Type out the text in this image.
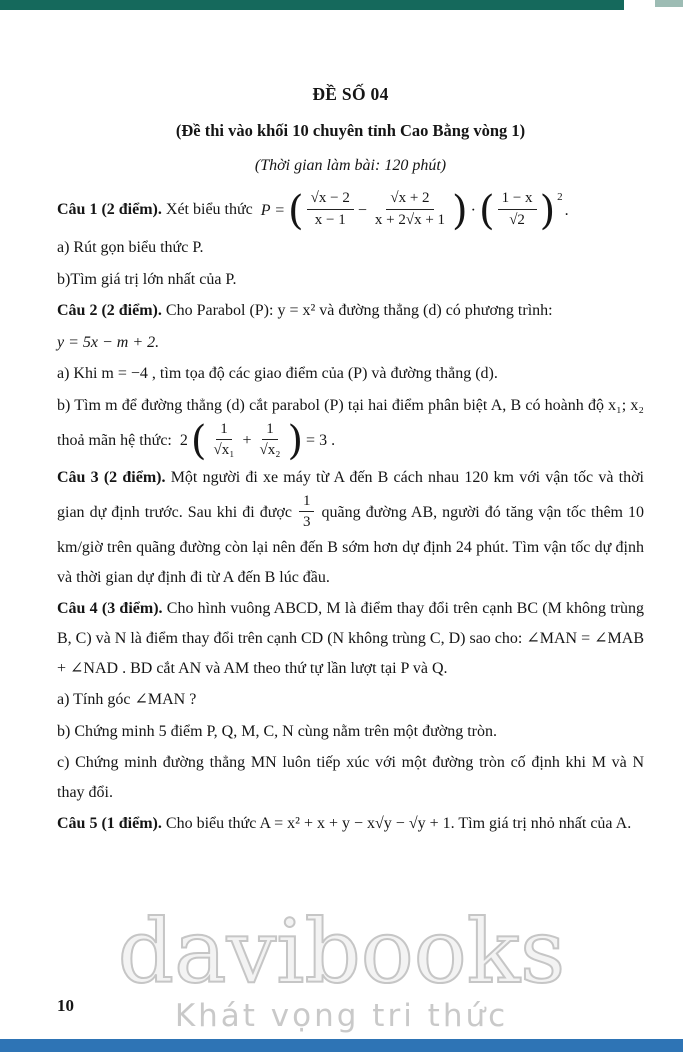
ĐỀ SỐ 04
(Đề thi vào khối 10 chuyên tỉnh Cao Bằng vòng 1)
(Thời gian làm bài: 120 phút)

Câu 1 (2 điểm). Xét biểu thức P = ( $\frac{√x - 2}{x - 1} - \frac{√x + 2}{x + 2√x + 1}$ ) · ( $\frac{1 - x}{√2}$ ) 2
.

a) Rút gọn biểu thức P.

b)Tìm giá trị lớn nhất của P.

Câu 2 (2 điểm). Cho Parabol (P): y = x² và đường thẳng (d) có phương trình:

y = 5x − m + 2.

a) Khi m = −4 , tìm tọa độ các giao điểm của (P) và đường thẳng (d).

b) Tìm m để đường thẳng (d) cắt parabol (P) tại hai điểm phân biệt A, B có hoành độ x₁; x₂ thoả mãn hệ thức: 2 ( $\frac{1}{\text{√x₁}} + \frac{1}{\text{√x₂}}$ ) = 3 .

Câu 3 (2 điểm). Một người đi xe máy từ A đến B cách nhau 120 km với vận tốc và thời gian dự định trước. Sau khi đi được $\frac{1}{3}$ quãng đường AB, người đó tăng vận tốc thêm 10 km/giờ trên quãng đường còn lại nên đến B sớm hơn dự định 24 phút. Tìm vận tốc dự định và thời gian dự định đi từ A đến B lúc đầu.

Câu 4 (3 điểm). Cho hình vuông ABCD, M là điểm thay đổi trên cạnh BC (M không trùng B, C) và N là điểm thay đổi trên cạnh CD (N không trùng C, D) sao cho: ∠MAN = ∠MAB + ∠NAD . BD cắt AN và AM theo thứ tự lần lượt tại P và Q.

a) Tính góc ∠MAN ?

b) Chứng minh 5 điểm P, Q, M, C, N cùng nằm trên một đường tròn.

c) Chứng minh đường thẳng MN luôn tiếp xúc với một đường tròn cố định khi M và N thay đổi.

Câu 5 (1 điểm). Cho biểu thức A = x² + x + y − x√y − √y + 1. Tìm giá trị nhỏ nhất của A.

davibooks
Khát vọng tri thức
10
